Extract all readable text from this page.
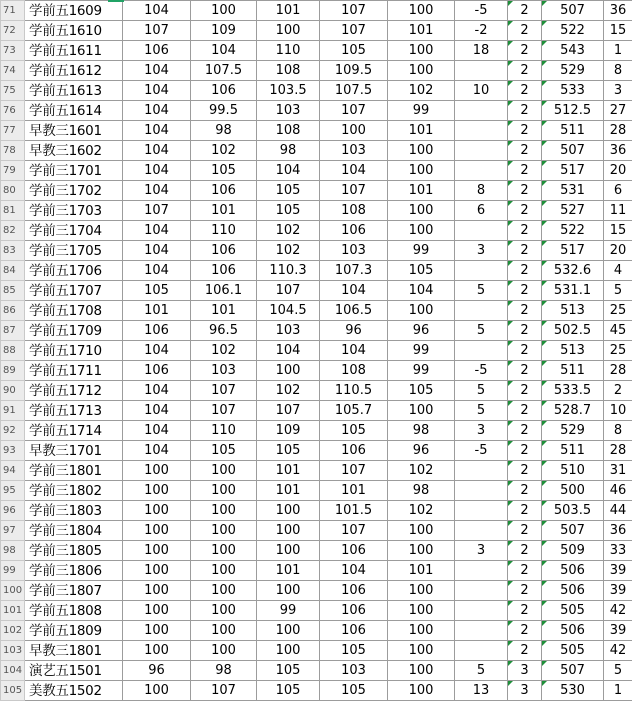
71	学前五1609	104	100	101	107	100	-5	2	507	36
72	学前五1610	107	109	100	107	101	-2	2	522	15
73	学前五1611	106	104	110	105	100	18	2	543	1
74	学前五1612	104	107.5	108	109.5	100		2	529	8
75	学前五1613	104	106	103.5	107.5	102	10	2	533	3
76	学前五1614	104	99.5	103	107	99		2	512.5	27
77	早教三1601	104	98	108	100	101		2	511	28
78	早教三1602	104	102	98	103	100		2	507	36
79	学前三1701	104	105	104	104	100		2	517	20
80	学前三1702	104	106	105	107	101	8	2	531	6
81	学前三1703	107	101	105	108	100	6	2	527	11
82	学前三1704	104	110	102	106	100		2	522	15
83	学前三1705	104	106	102	103	99	3	2	517	20
84	学前五1706	104	106	110.3	107.3	105		2	532.6	4
85	学前五1707	105	106.1	107	104	104	5	2	531.1	5
86	学前五1708	101	101	104.5	106.5	100		2	513	25
87	学前五1709	106	96.5	103	96	96	5	2	502.5	45
88	学前五1710	104	102	104	104	99		2	513	25
89	学前五1711	106	103	100	108	99	-5	2	511	28
90	学前五1712	104	107	102	110.5	105	5	2	533.5	2
91	学前五1713	104	107	107	105.7	100	5	2	528.7	10
92	学前五1714	104	110	109	105	98	3	2	529	8
93	早教三1701	104	105	105	106	96	-5	2	511	28
94	学前三1801	100	100	101	107	102		2	510	31
95	学前三1802	100	100	101	101	98		2	500	46
96	学前三1803	100	100	100	101.5	102		2	503.5	44
97	学前三1804	100	100	100	107	100		2	507	36
98	学前三1805	100	100	100	106	100	3	2	509	33
99	学前三1806	100	100	101	104	101		2	506	39
100	学前三1807	100	100	100	106	100		2	506	39
101	学前五1808	100	100	99	106	100		2	505	42
102	学前五1809	100	100	100	106	100		2	506	39
103	早教三1801	100	100	100	105	100		2	505	42
104	演艺五1501	96	98	105	103	100	5	3	507	5
105	美教五1502	100	107	105	105	100	13	3	530	1
